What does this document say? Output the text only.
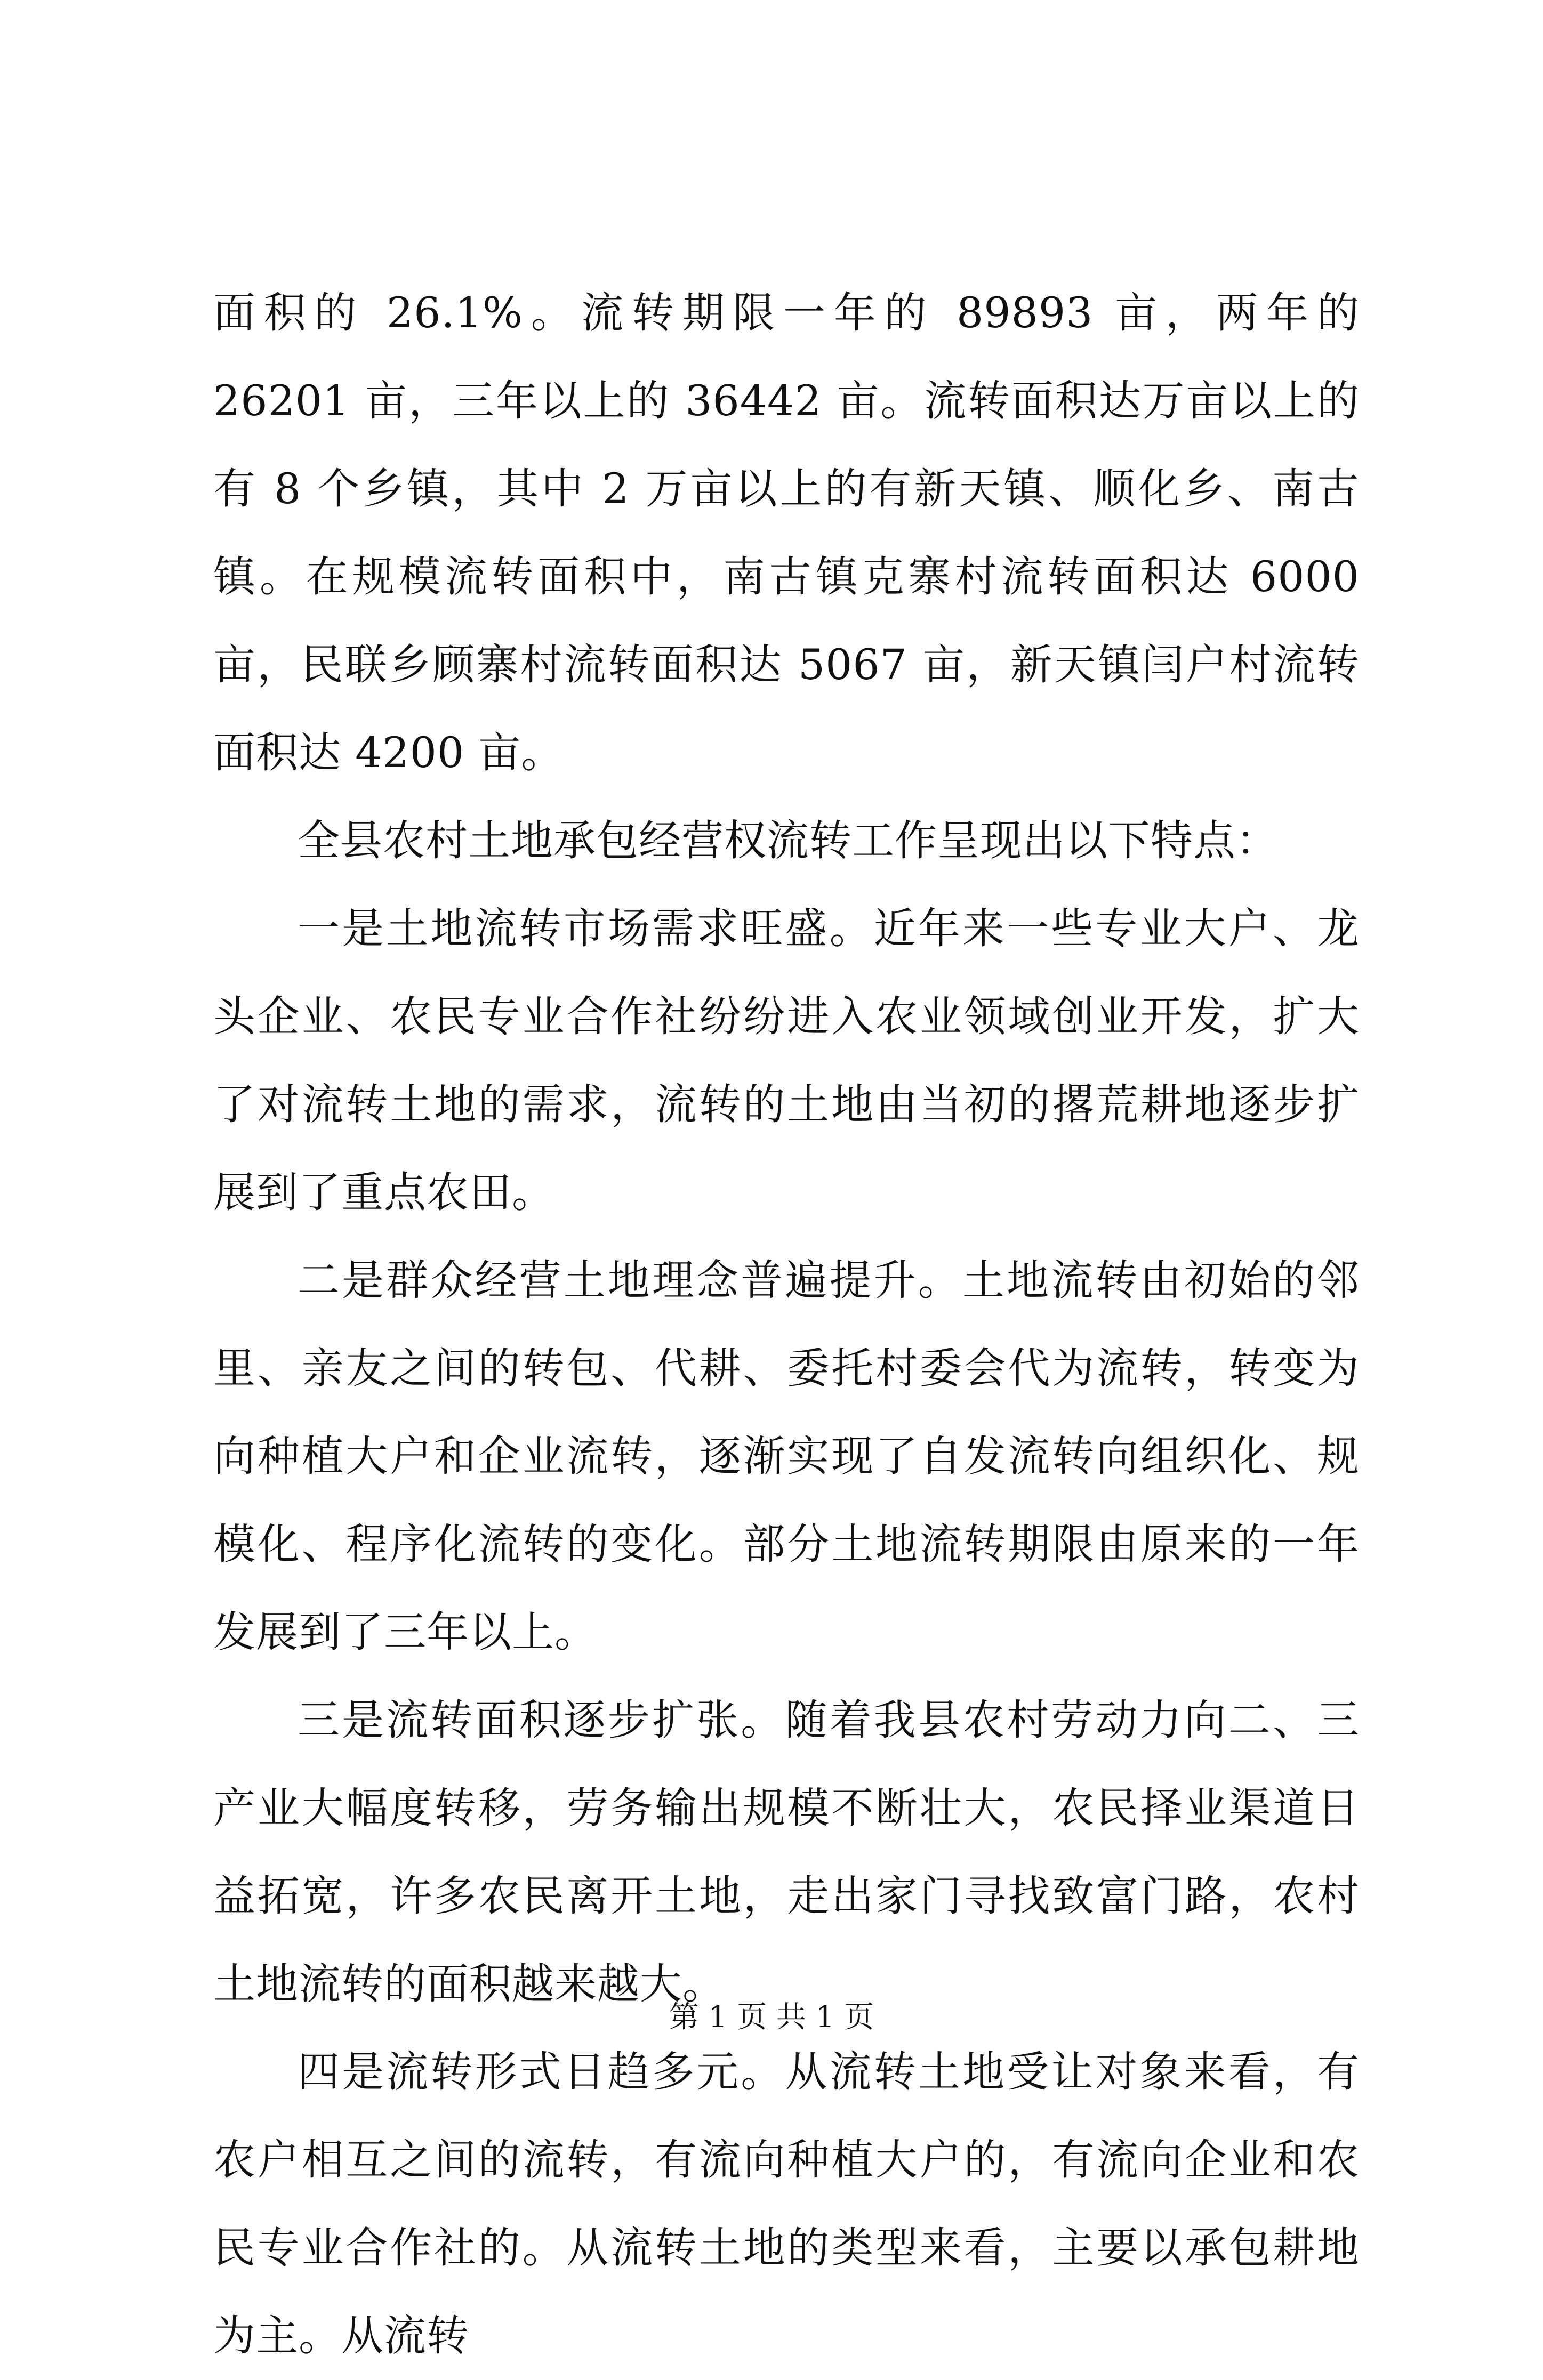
面积的 26.1%。流转期限一年的 89893 亩，两年的 26201 亩，三年以上的 36442 亩。流转面积达万亩以上的有 8 个乡镇，其中 2 万亩以上的有新天镇、顺化乡、南古镇。在规模流转面积中，南古镇克寨村流转面积达 6000 亩，民联乡顾寨村流转面积达 5067 亩，新天镇闫户村流转面积达 4200 亩。

全县农村土地承包经营权流转工作呈现出以下特点：

一是土地流转市场需求旺盛。近年来一些专业大户、龙头企业、农民专业合作社纷纷进入农业领域创业开发，扩大了对流转土地的需求，流转的土地由当初的撂荒耕地逐步扩展到了重点农田。

二是群众经营土地理念普遍提升。土地流转由初始的邻里、亲友之间的转包、代耕、委托村委会代为流转，转变为向种植大户和企业流转，逐渐实现了自发流转向组织化、规模化、程序化流转的变化。部分土地流转期限由原来的一年发展到了三年以上。

三是流转面积逐步扩张。随着我县农村劳动力向二、三产业大幅度转移，劳务输出规模不断壮大，农民择业渠道日益拓宽，许多农民离开土地，走出家门寻找致富门路，农村土地流转的面积越来越大。

四是流转形式日趋多元。从流转土地受让对象来看，有农户相互之间的流转，有流向种植大户的，有流向企业和农民专业合作社的。从流转土地的类型来看，主要以承包耕地为主。从流转

第 1 页 共 1 页
